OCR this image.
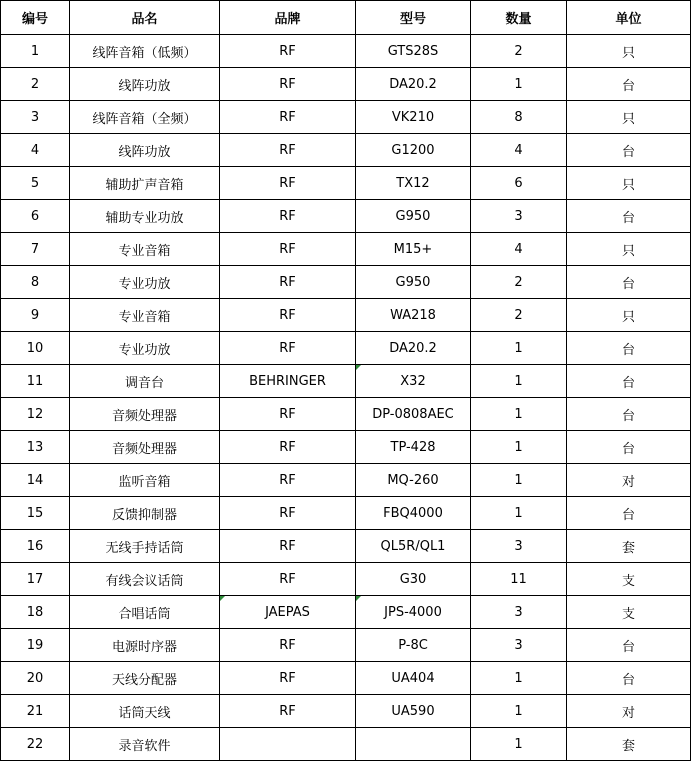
编号	品名	品牌	型号	数量	单位
1	线阵音箱（低频）	RF	GTS28S	2	只
2	线阵功放	RF	DA20.2	1	台
3	线阵音箱（全频）	RF	VK210	8	只
4	线阵功放	RF	G1200	4	台
5	辅助扩声音箱	RF	TX12	6	只
6	辅助专业功放	RF	G950	3	台
7	专业音箱	RF	M15+	4	只
8	专业功放	RF	G950	2	台
9	专业音箱	RF	WA218	2	只
10	专业功放	RF	DA20.2	1	台
11	调音台	BEHRINGER	X32	1	台
12	音频处理器	RF	DP-0808AEC	1	台
13	音频处理器	RF	TP-428	1	台
14	监听音箱	RF	MQ-260	1	对
15	反馈抑制器	RF	FBQ4000	1	台
16	无线手持话筒	RF	QL5R/QL1	3	套
17	有线会议话筒	RF	G30	11	支
18	合唱话筒	JAEPAS	JPS-4000	3	支
19	电源时序器	RF	P-8C	3	台
20	天线分配器	RF	UA404	1	台
21	话筒天线	RF	UA590	1	对
22	录音软件			1	套
